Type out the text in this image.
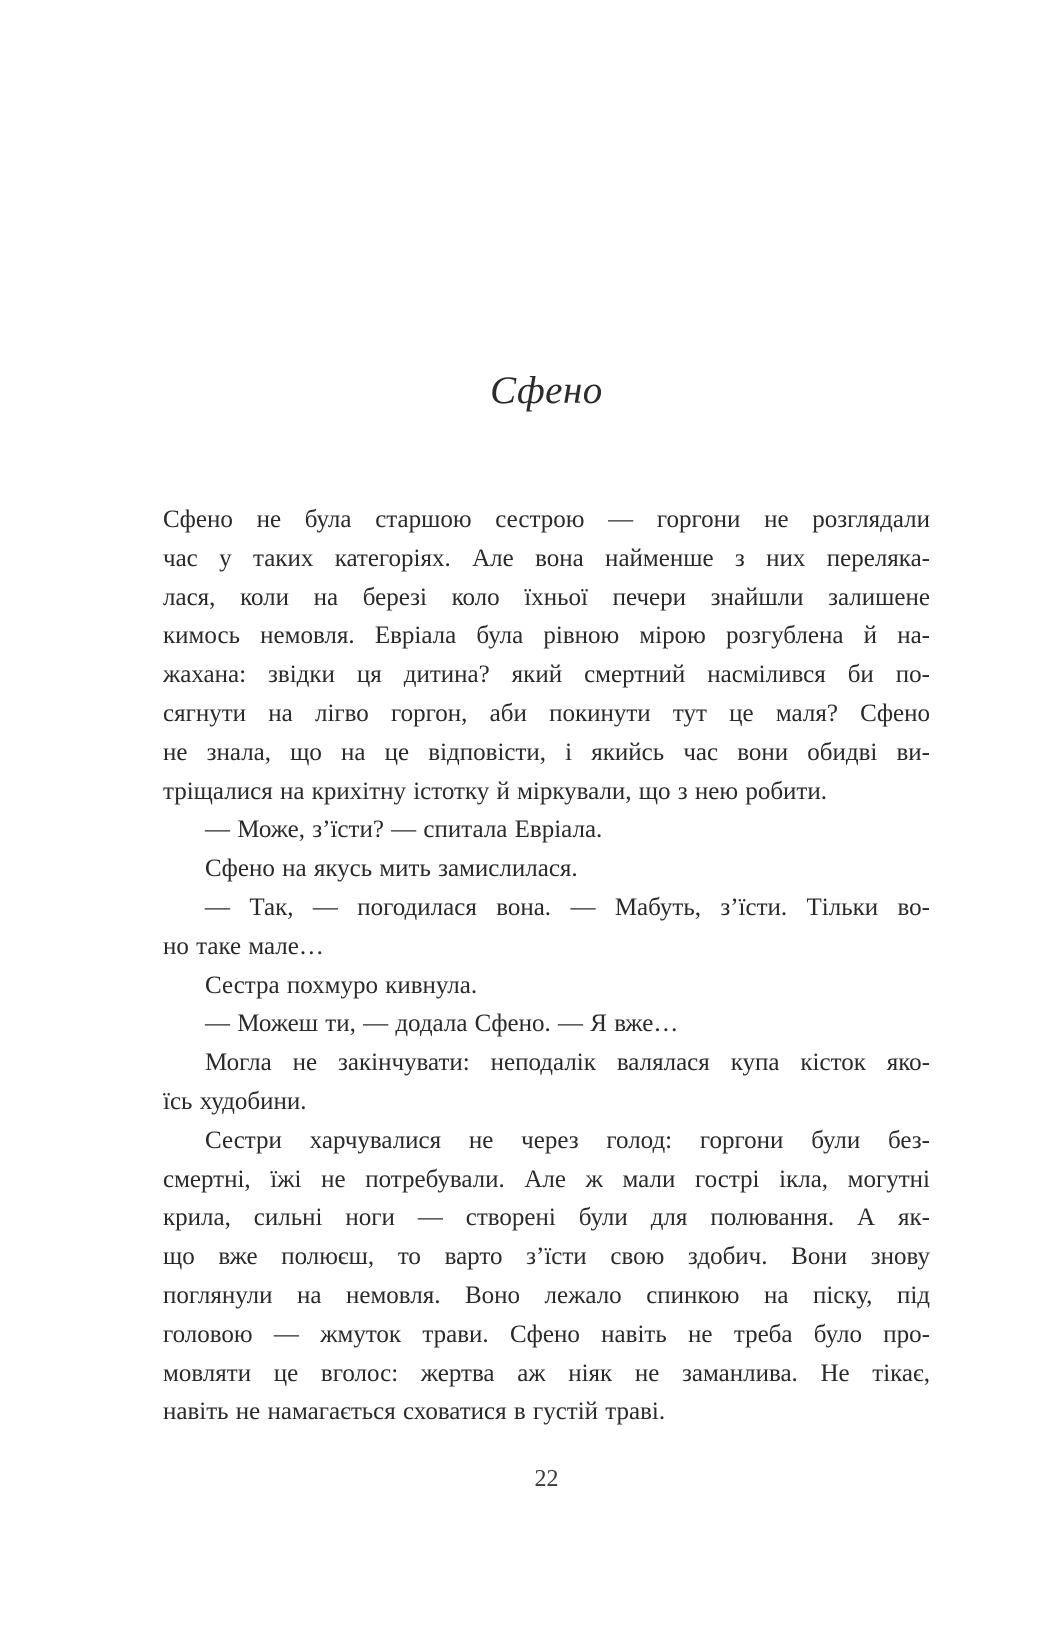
Сфено
Сфено не була старшою сестрою — горгони не розглядали
час у таких категоріях. Але вона найменше з них переляка-
лася, коли на березі коло їхньої печери знайшли залишене
кимось немовля. Евріала була рівною мірою розгублена й на-
жахана: звідки ця дитина? який смертний насмілився би по-
сягнути на лігво горгон, аби покинути тут це маля? Сфено
не знала, що на це відповісти, і якийсь час вони обидві ви-
тріщалися на крихітну істотку й міркували, що з нею робити.
— Може, з’їсти? — спитала Евріала.
Сфено на якусь мить замислилася.
— Так, — погодилася вона. — Мабуть, з’їсти. Тільки во-
но таке мале…
Сестра похмуро кивнула.
— Можеш ти, — додала Сфено. — Я вже…
Могла не закінчувати: неподалік валялася купа кісток яко-
їсь худобини.
Сестри харчувалися не через голод: горгони були без-
смертні, їжі не потребували. Але ж мали гострі ікла, могутні
крила, сильні ноги — створені були для полювання. А як-
що вже полюєш, то варто з’їсти свою здобич. Вони знову
поглянули на немовля. Воно лежало спинкою на піску, під
головою — жмуток трави. Сфено навіть не треба було про-
мовляти це вголос: жертва аж ніяк не заманлива. Не тікає,
навіть не намагається сховатися в густій траві.
22
